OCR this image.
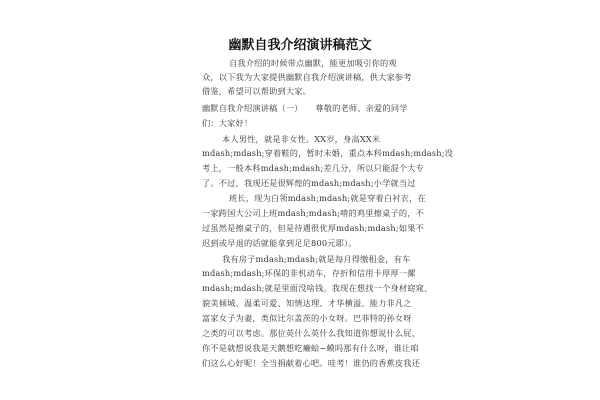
幽默自我介绍演讲稿范文
自我介绍的时候带点幽默，能更加吸引你的观
众，以下我为大家提供幽默自我介绍演讲稿，供大家参考
借鉴，希望可以帮助到大家。
幽默自我介绍演讲稿（一）　　尊敬的老师、亲爱的同学
们：大家好！
本人男性，就是非女性。XX岁，身高XX米
mdash;mdash;穿着鞋的，暂时未婚，重点本科mdash;mdash;没
考上，一般本科mdash;mdash;差几分，所以只能混个大专
了。不过，我现还是很辉煌的mdash;mdash;小学就当过
班长，现为白领mdash;mdash;就是穿着白衬衣，在
一家跨国大公司上班mdash;mdash;啃的鸡里擦桌子的，不
过虽然是擦桌子的，但是待遇很优厚mdash;mdash;如果不
迟到或早退的话就能拿到足足800元耶）。
我有房子mdash;mdash;就是每月得缴租金，有车
mdash;mdash;环保的非机动车，存折和信用卡厚厚一摞
mdash;mdash;就是里面没啥钱。我现在想找一个身材窈窕、
貌美倾城、温柔可爱、知情达理、才华横溢、能力非凡之
富家女子为妻，类似比尔盖茨的小女呀。巴菲特的孙女呀
之类的可以考虑。那位英什么英什么我知道你想说什么屁，
你不是就想说我是天鹅想吃癞蛤~蟆吗那有什么呀，谁让咱
们这么心好呢！全当捐献着心吧。哇考！谁仍的香蕉皮我还
